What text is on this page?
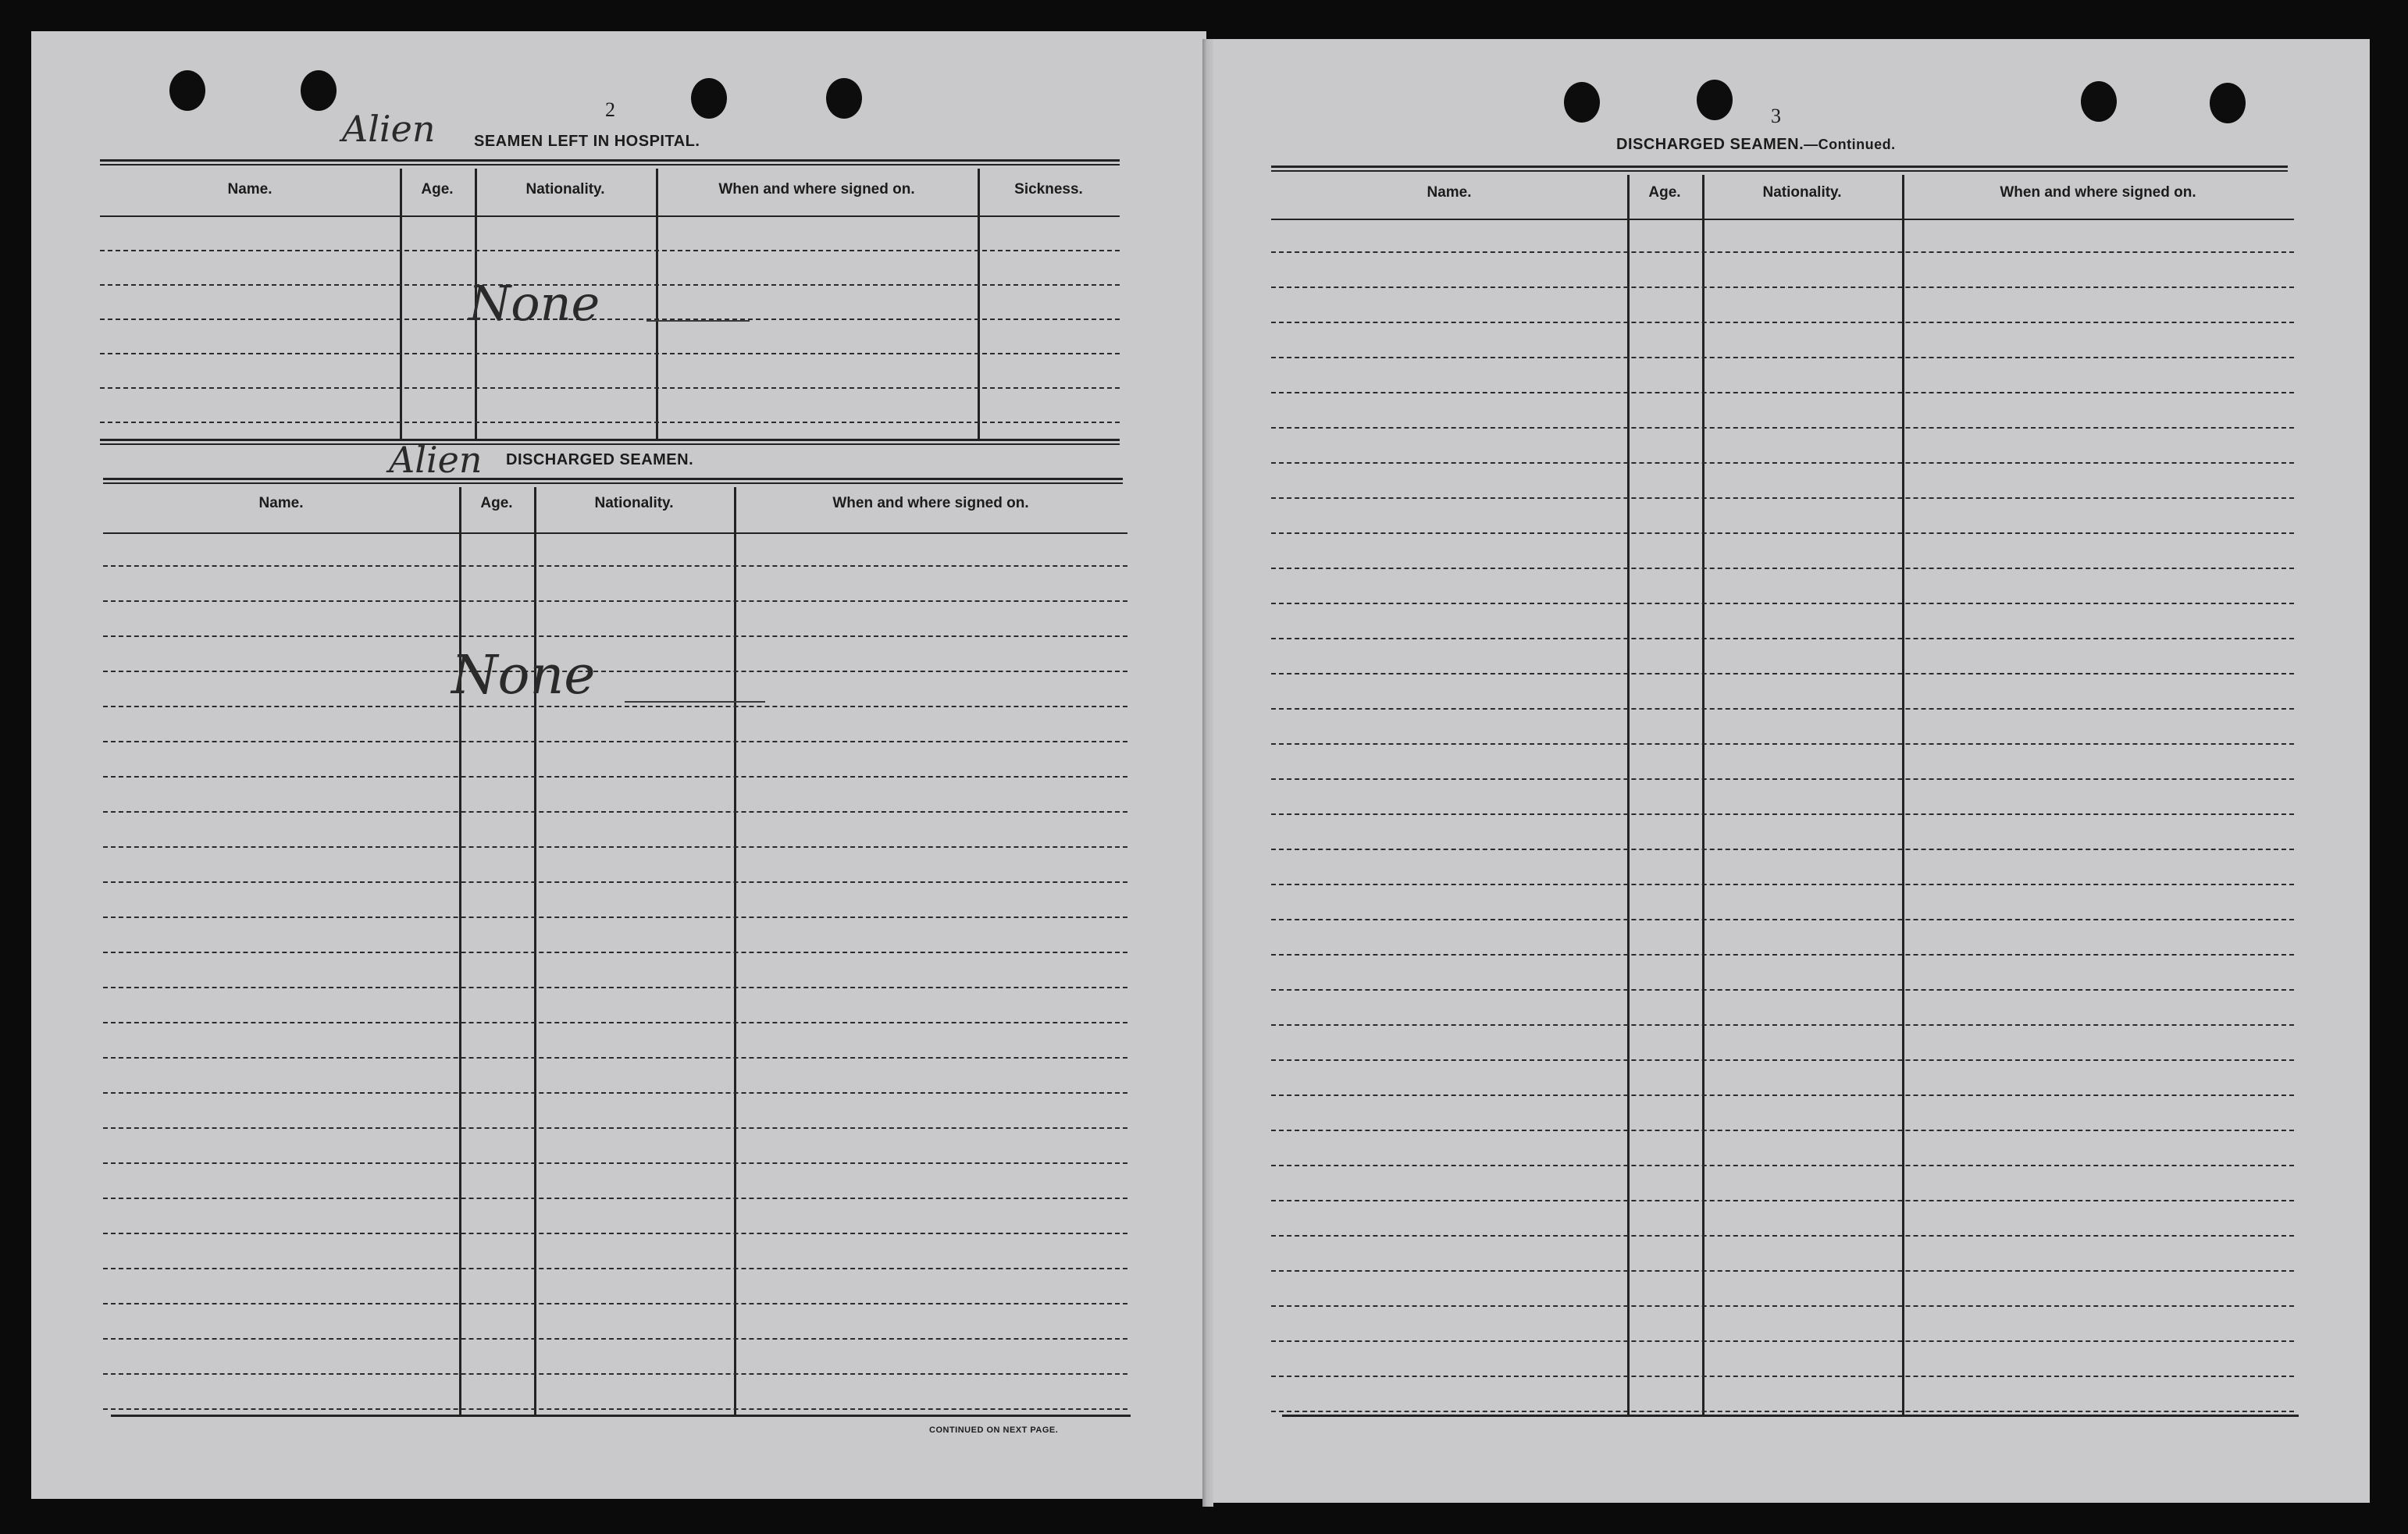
2
Alien SEAMEN LEFT IN HOSPITAL.
Name.	Age.	Nationality.	When and where signed on.	Sickness.
None
Alien DISCHARGED SEAMEN.
Name.	Age.	Nationality.	When and where signed on.
None
CONTINUED ON NEXT PAGE.
3
DISCHARGED SEAMEN.—Continued.
Name.	Age.	Nationality.	When and where signed on.
